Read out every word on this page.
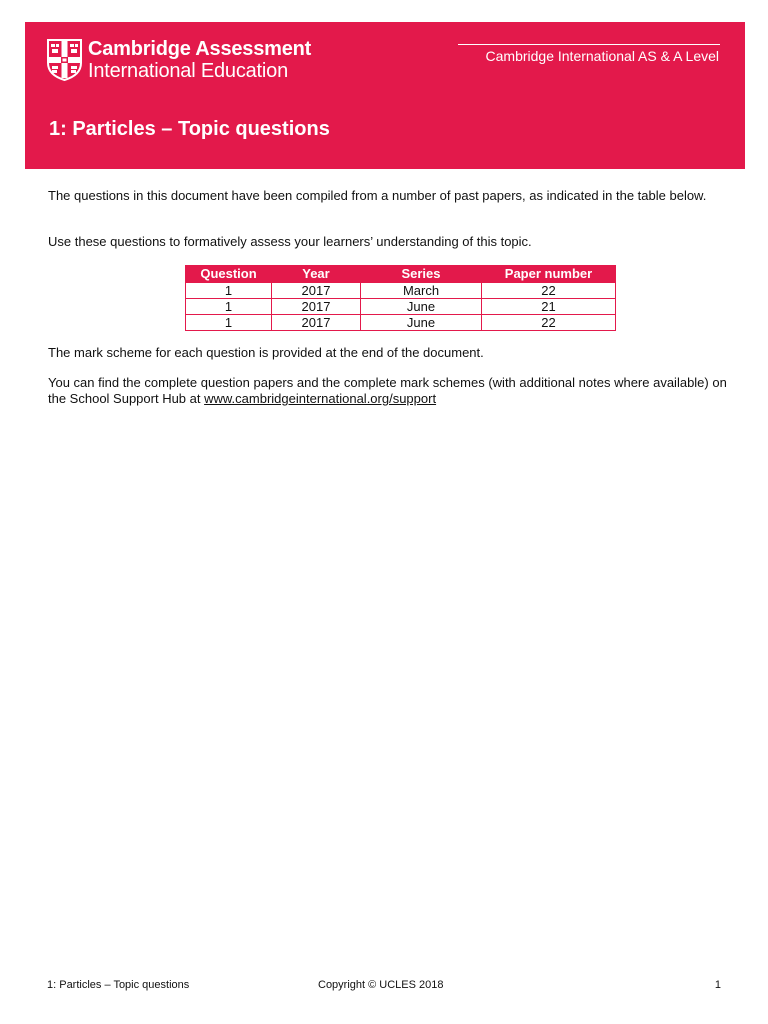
Cambridge Assessment
International Education
Cambridge International AS & A Level
1: Particles – Topic questions
The questions in this document have been compiled from a number of past papers, as indicated in the table below.
Use these questions to formatively assess your learners’ understanding of this topic.
Question	Year	Series	Paper number
1	2017	March	22
1	2017	June	21
1	2017	June	22
The mark scheme for each question is provided at the end of the document.
You can find the complete question papers and the complete mark schemes (with additional notes where available) on the School Support Hub at www.cambridgeinternational.org/support
1: Particles – Topic questions	Copyright © UCLES 2018	1
